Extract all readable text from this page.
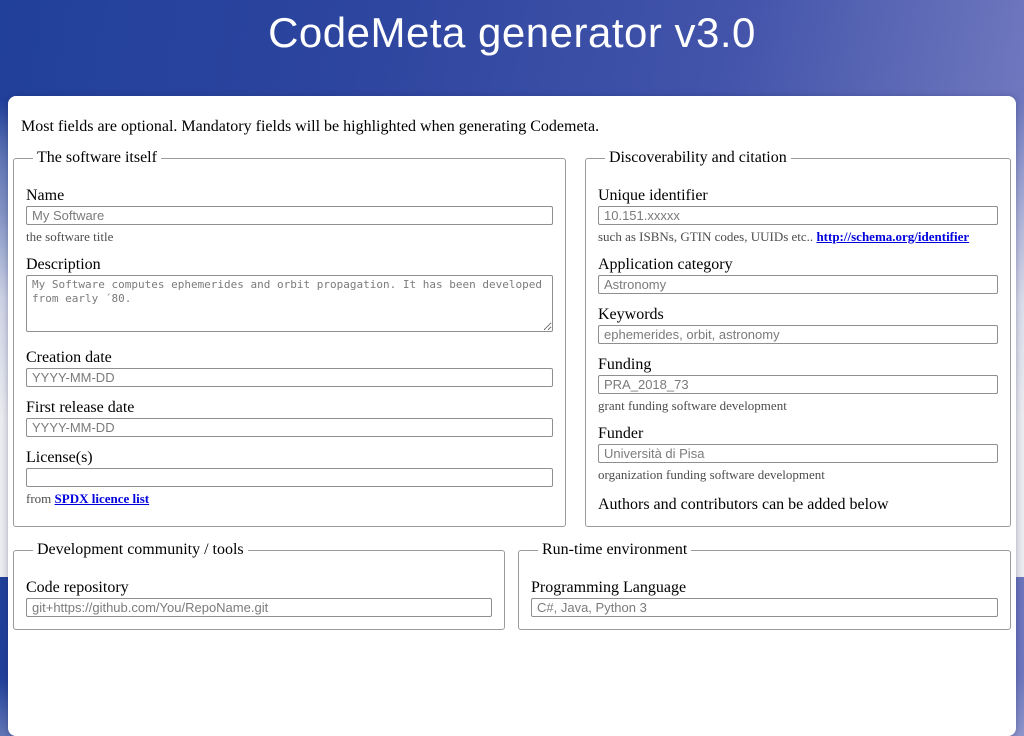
CodeMeta generator v3.0

Most fields are optional. Mandatory fields will be highlighted when generating Codemeta.

The software itself
Name
My Software

the software title

Description
My Software computes ephemerides and orbit propagation. It has been developed from early ´80.
Creation date
YYYY-MM-DD
First release date
YYYY-MM-DD
License(s)

from SPDX licence list

Discoverability and citation
Unique identifier
10.151.xxxxx

such as ISBNs, GTIN codes, UUIDs etc.. http://schema.org/identifier

Application category
Astronomy
Keywords
ephemerides, orbit, astronomy
Funding
PRA_2018_73

grant funding software development

Funder
Università di Pisa

organization funding software development

Authors and contributors can be added below

Development community / tools
Code repository
git+https://github.com/You/RepoName.git
Run-time environment
Programming Language
C#, Java, Python 3
